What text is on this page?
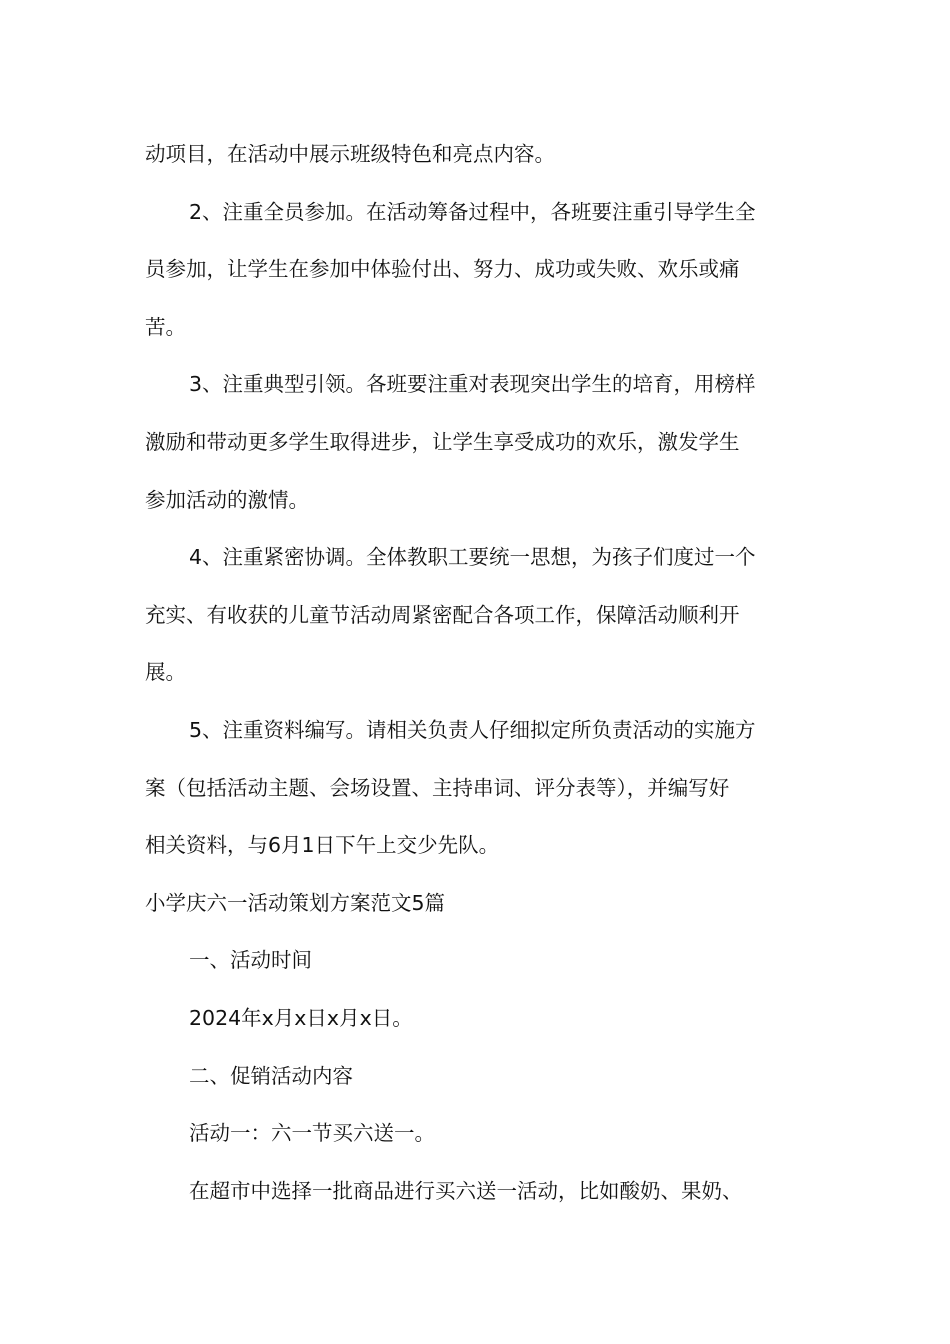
动项目，在活动中展示班级特色和亮点内容。
2、注重全员参加。在活动筹备过程中，各班要注重引导学生全
员参加，让学生在参加中体验付出、努力、成功或失败、欢乐或痛
苦。
3、注重典型引领。各班要注重对表现突出学生的培育，用榜样
激励和带动更多学生取得进步，让学生享受成功的欢乐，激发学生
参加活动的激情。
4、注重紧密协调。全体教职工要统一思想，为孩子们度过一个
充实、有收获的儿童节活动周紧密配合各项工作，保障活动顺利开
展。
5、注重资料编写。请相关负责人仔细拟定所负责活动的实施方
案（包括活动主题、会场设置、主持串词、评分表等），并编写好
相关资料，与6月1日下午上交少先队。
小学庆六一活动策划方案范文5篇
一、活动时间
2024年x月x日x月x日。
二、促销活动内容
活动一：六一节买六送一。
在超市中选择一批商品进行买六送一活动，比如酸奶、果奶、
